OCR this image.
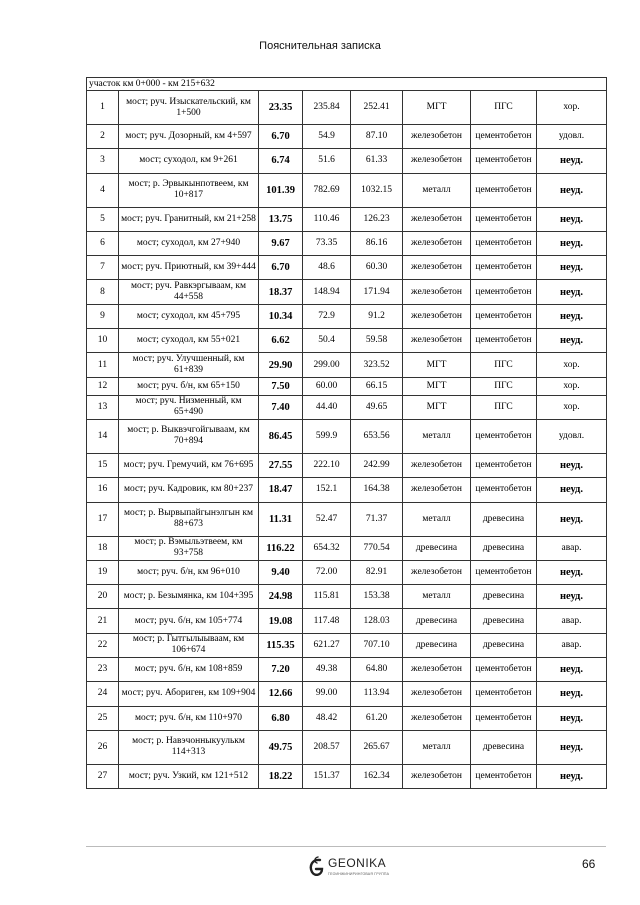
Пояснительная записка
участок км 0+000 - км 215+632							
1	мост; руч. Изыскательский, км 1+500	23.35	235.84	252.41	МГТ	ПГС	хор.
2	мост; руч. Дозорный, км 4+597	6.70	54.9	87.10	железобетон	цементобетон	удовл.
3	мост; суходол, км 9+261	6.74	51.6	61.33	железобетон	цементобетон	неуд.
4	мост; р. Эрвыкынпотвеем, км 10+817	101.39	782.69	1032.15	металл	цементобетон	неуд.
5	мост; руч. Гранитный, км 21+258	13.75	110.46	126.23	железобетон	цементобетон	неуд.
6	мост; суходол, км 27+940	9.67	73.35	86.16	железобетон	цементобетон	неуд.
7	мост; руч. Приютный, км 39+444	6.70	48.6	60.30	железобетон	цементобетон	неуд.
8	мост; руч. Равкэргываам, км 44+558	18.37	148.94	171.94	железобетон	цементобетон	неуд.
9	мост; суходол, км 45+795	10.34	72.9	91.2	железобетон	цементобетон	неуд.
10	мост; суходол, км 55+021	6.62	50.4	59.58	железобетон	цементобетон	неуд.
11	мост; руч. Улучшенный, км 61+839	29.90	299.00	323.52	МГТ	ПГС	хор.
12	мост; руч. б/н, км 65+150	7.50	60.00	66.15	МГТ	ПГС	хор.
13	мост; руч. Низменный, км 65+490	7.40	44.40	49.65	МГТ	ПГС	хор.
14	мост; р. Выквэчгойгываам, км 70+894	86.45	599.9	653.56	металл	цементобетон	удовл.
15	мост; руч. Гремучий, км 76+695	27.55	222.10	242.99	железобетон	цементобетон	неуд.
16	мост; руч. Кадровик, км 80+237	18.47	152.1	164.38	железобетон	цементобетон	неуд.
17	мост; р. Вырвыпайгынэлгын км 88+673	11.31	52.47	71.37	металл	древесина	неуд.
18	мост; р. Вэмыльэтвеем, км 93+758	116.22	654.32	770.54	древесина	древесина	авар.
19	мост; руч. б/н, км 96+010	9.40	72.00	82.91	железобетон	цементобетон	неуд.
20	мост; р. Безымянка, км 104+395	24.98	115.81	153.38	металл	древесина	неуд.
21	мост; руч. б/н, км 105+774	19.08	117.48	128.03	древесина	древесина	авар.
22	мост; р. Гытгылыываам, км 106+674	115.35	621.27	707.10	древесина	древесина	авар.
23	мост; руч. б/н, км 108+859	7.20	49.38	64.80	железобетон	цементобетон	неуд.
24	мост; руч. Абориген, км 109+904	12.66	99.00	113.94	железобетон	цементобетон	неуд.
25	мост; руч. б/н, км 110+970	6.80	48.42	61.20	железобетон	цементобетон	неуд.
26	мост; р. Навэчонныкуулькм 114+313	49.75	208.57	265.67	металл	древесина	неуд.
27	мост; руч. Узкий, км 121+512	18.22	151.37	162.34	железобетон	цементобетон	неуд.
GEONIKA
ГЕОИНЖИНИРИНГОВАЯ ГРУППА
66
